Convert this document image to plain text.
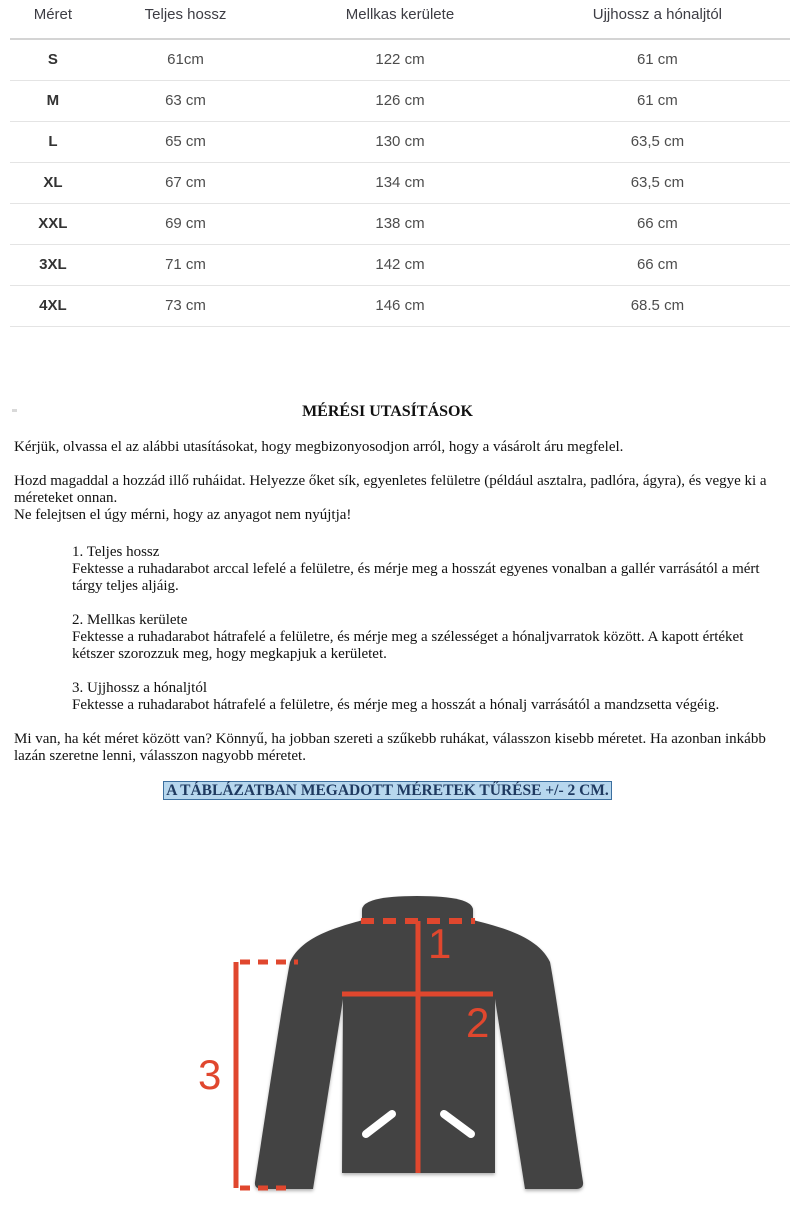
Méret	Teljes hossz	Mellkas kerülete	Ujjhossz a hónaljtól
S	61cm	122 cm	61 cm
M	63 cm	126 cm	61 cm
L	65 cm	130 cm	63,5 cm
XL	67 cm	134 cm	63,5 cm
XXL	69 cm	138 cm	66 cm
3XL	71 cm	142 cm	66 cm
4XL	73 cm	146 cm	68.5 cm
MÉRÉSI UTASÍTÁSOK

Kérjük, olvassa el az alábbi utasításokat, hogy megbizonyosodjon arról, hogy a vásárolt áru megfelel.

Hozd magaddal a hozzád illő ruháidat. Helyezze őket sík, egyenletes felületre (például asztalra, padlóra, ágyra), és vegye ki a méreteket onnan.
Ne felejtsen el úgy mérni, hogy az anyagot nem nyújtja!

1. Teljes hossz
Fektesse a ruhadarabot arccal lefelé a felületre, és mérje meg a hosszát egyenes vonalban a gallér varrásától a mért tárgy teljes aljáig.
2. Mellkas kerülete
Fektesse a ruhadarabot hátrafelé a felületre, és mérje meg a szélességet a hónaljvarratok között. A kapott értéket kétszer szorozzuk meg, hogy megkapjuk a kerületet.
3. Ujjhossz a hónaljtól
Fektesse a ruhadarabot hátrafelé a felületre, és mérje meg a hosszát a hónalj varrásától a mandzsetta végéig.

Mi van, ha két méret között van? Könnyű, ha jobban szereti a szűkebb ruhákat, válasszon kisebb méretet. Ha azonban inkább lazán szeretne lenni, válasszon nagyobb méretet.

A TÁBLÁZATBAN MEGADOTT MÉRETEK TŰRÉSE +/- 2 CM.
1
2
3
